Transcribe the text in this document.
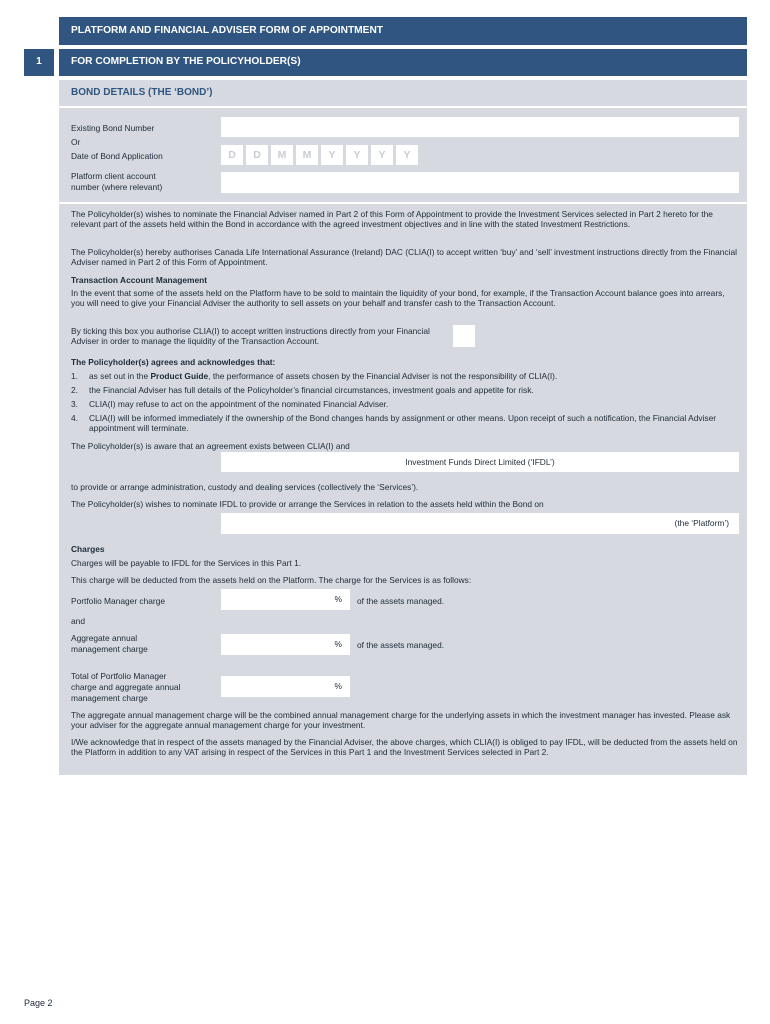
PLATFORM AND FINANCIAL ADVISER FORM OF APPOINTMENT
1	FOR COMPLETION BY THE POLICYHOLDER(S)
BOND DETAILS (THE ‘BOND’)
Existing Bond Number
Or
Date of Bond Application	D	D	M	M	Y	Y	Y	Y
Platform client account
number (where relevant)
The Policyholder(s) wishes to nominate the Financial Adviser named in Part 2 of this Form of Appointment to provide the Investment Services selected in Part 2 hereto for the relevant part of the assets held within the Bond in accordance with the agreed investment objectives and in line with the stated Investment Restrictions.
The Policyholder(s) hereby authorises Canada Life International Assurance (Ireland) DAC (CLIA(I) to accept written ‘buy’ and ‘sell’ investment instructions directly from the Financial Adviser named in Part 2 of this Form of Appointment.
Transaction Account Management
In the event that some of the assets held on the Platform have to be sold to maintain the liquidity of your bond, for example, if the Transaction Account balance goes into arrears, you will need to give your Financial Adviser the authority to sell assets on your behalf and transfer cash to the Transaction Account.
By ticking this box you authorise CLIA(I) to accept written instructions directly from your Financial Adviser in order to manage the liquidity of the Transaction Account.
The Policyholder(s) agrees and acknowledges that:
1. as set out in the Product Guide, the performance of assets chosen by the Financial Adviser is not the responsibility of CLIA(I).
2. the Financial Adviser has full details of the Policyholder’s financial circumstances, investment goals and appetite for risk.
3. CLIA(I) may refuse to act on the appointment of the nominated Financial Adviser.
4. CLIA(I) will be informed immediately if the ownership of the Bond changes hands by assignment or other means. Upon receipt of such a notification, the Financial Adviser appointment will terminate.
The Policyholder(s) is aware that an agreement exists between CLIA(I) and
Investment Funds Direct Limited (‘IFDL’)
to provide or arrange administration, custody and dealing services (collectively the ‘Services’).
The Policyholder(s) wishes to nominate IFDL to provide or arrange the Services in relation to the assets held within the Bond on
(the ‘Platform’)
Charges
Charges will be payable to IFDL for the Services in this Part 1.
This charge will be deducted from the assets held on the Platform. The charge for the Services is as follows:
Portfolio Manager charge	%	of the assets managed.
and
Aggregate annual
management charge	%	of the assets managed.
Total of Portfolio Manager
charge and aggregate annual
management charge
%
The aggregate annual management charge will be the combined annual management charge for the underlying assets in which the investment manager has invested. Please ask your adviser for the aggregate annual management charge for your investment.
I/We acknowledge that in respect of the assets managed by the Financial Adviser, the above charges, which CLIA(I) is obliged to pay IFDL, will be deducted from the assets held on the Platform in addition to any VAT arising in respect of the Services in this Part 1 and the Investment Services selected in Part 2.
Page 2
